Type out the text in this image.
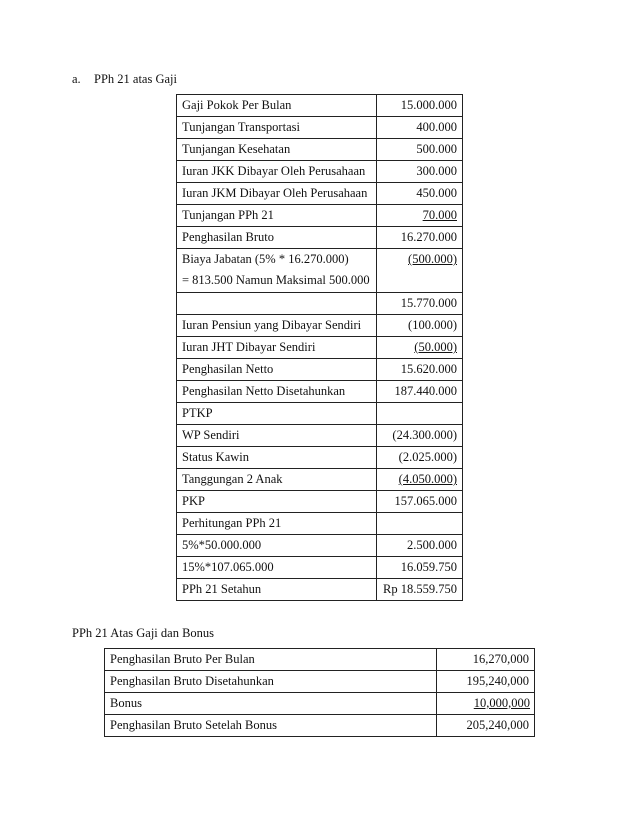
a. PPh 21 atas Gaji
Gaji Pokok Per Bulan	15.000.000
Tunjangan Transportasi	400.000
Tunjangan Kesehatan	500.000
Iuran JKK Dibayar Oleh Perusahaan	300.000
Iuran JKM Dibayar Oleh Perusahaan	450.000
Tunjangan PPh 21	70.000
Penghasilan Bruto	16.270.000

Biaya Jabatan (5% * 16.270.000)
= 813.500 Namun Maksimal 500.000	(500.000)
	15.770.000
Iuran Pensiun yang Dibayar Sendiri	(100.000)
Iuran JHT Dibayar Sendiri	(50.000)
Penghasilan Netto	15.620.000
Penghasilan Netto Disetahunkan	187.440.000
PTKP	
WP Sendiri	(24.300.000)
Status Kawin	(2.025.000)
Tanggungan 2 Anak	(4.050.000)
PKP	157.065.000
Perhitungan PPh 21	
5%*50.000.000	2.500.000
15%*107.065.000	16.059.750
PPh 21 Setahun	Rp 18.559.750
PPh 21 Atas Gaji dan Bonus
Penghasilan Bruto Per Bulan	16,270,000
Penghasilan Bruto Disetahunkan	195,240,000
Bonus	10,000,000
Penghasilan Bruto Setelah Bonus	205,240,000
